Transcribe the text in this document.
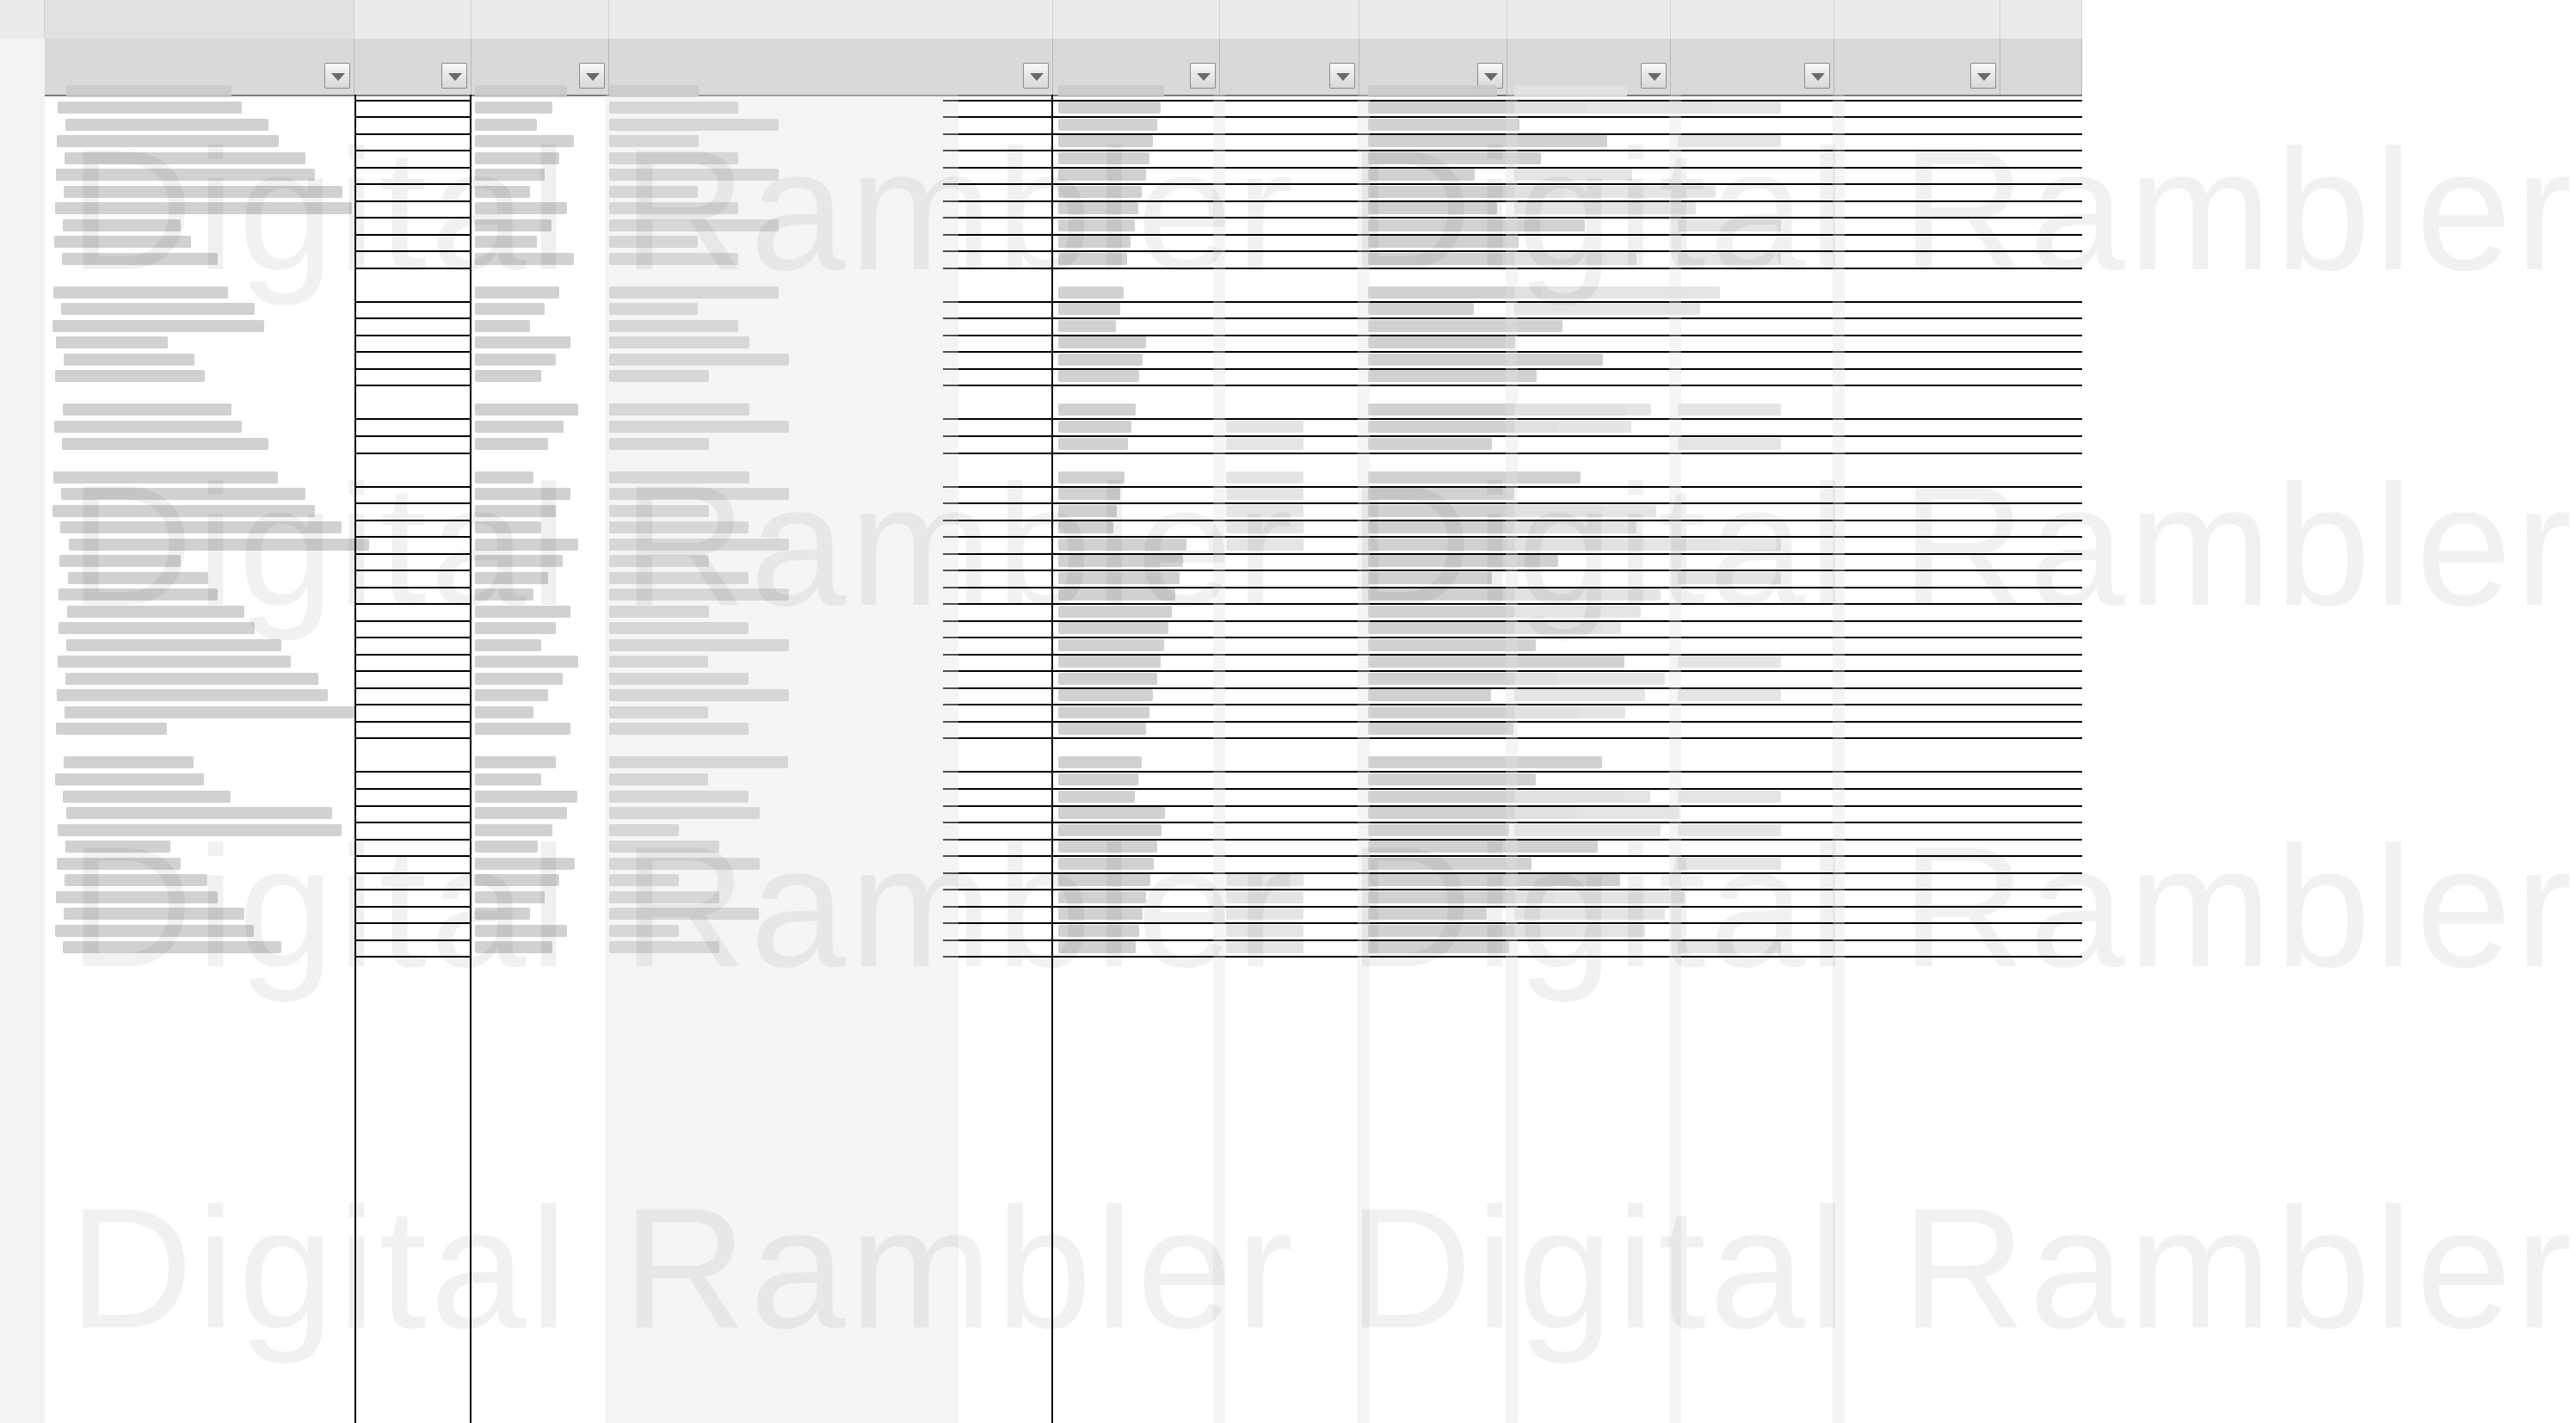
Digital Rambler Digital Rambler
Digital Rambler Digital Rambler
Digital Rambler Digital Rambler
Digital Rambler Digital Rambler
